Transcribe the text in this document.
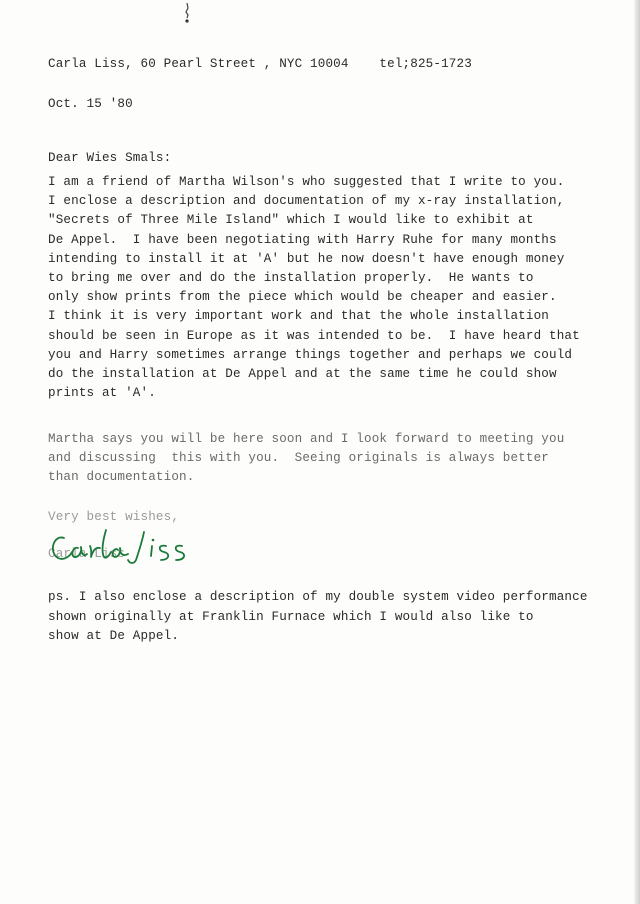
Carla Liss, 60 Pearl Street , NYC 10004    tel;825-1723
Oct. 15 '80
Dear Wies Smals:
I am a friend of Martha Wilson's who suggested that I write to you.
I enclose a description and documentation of my x-ray installation,
"Secrets of Three Mile Island" which I would like to exhibit at
De Appel.  I have been negotiating with Harry Ruhe for many months
intending to install it at 'A' but he now doesn't have enough money
to bring me over and do the installation properly.  He wants to
only show prints from the piece which would be cheaper and easier.
I think it is very important work and that the whole installation
should be seen in Europe as it was intended to be.  I have heard that
you and Harry sometimes arrange things together and perhaps we could
do the installation at De Appel and at the same time he could show
prints at 'A'.
Martha says you will be here soon and I look forward to meeting you
and discussing  this with you.  Seeing originals is always better
than documentation.
Very best wishes,
Carla Liss
ps. I also enclose a description of my double system video performance
shown originally at Franklin Furnace which I would also like to
show at De Appel.
